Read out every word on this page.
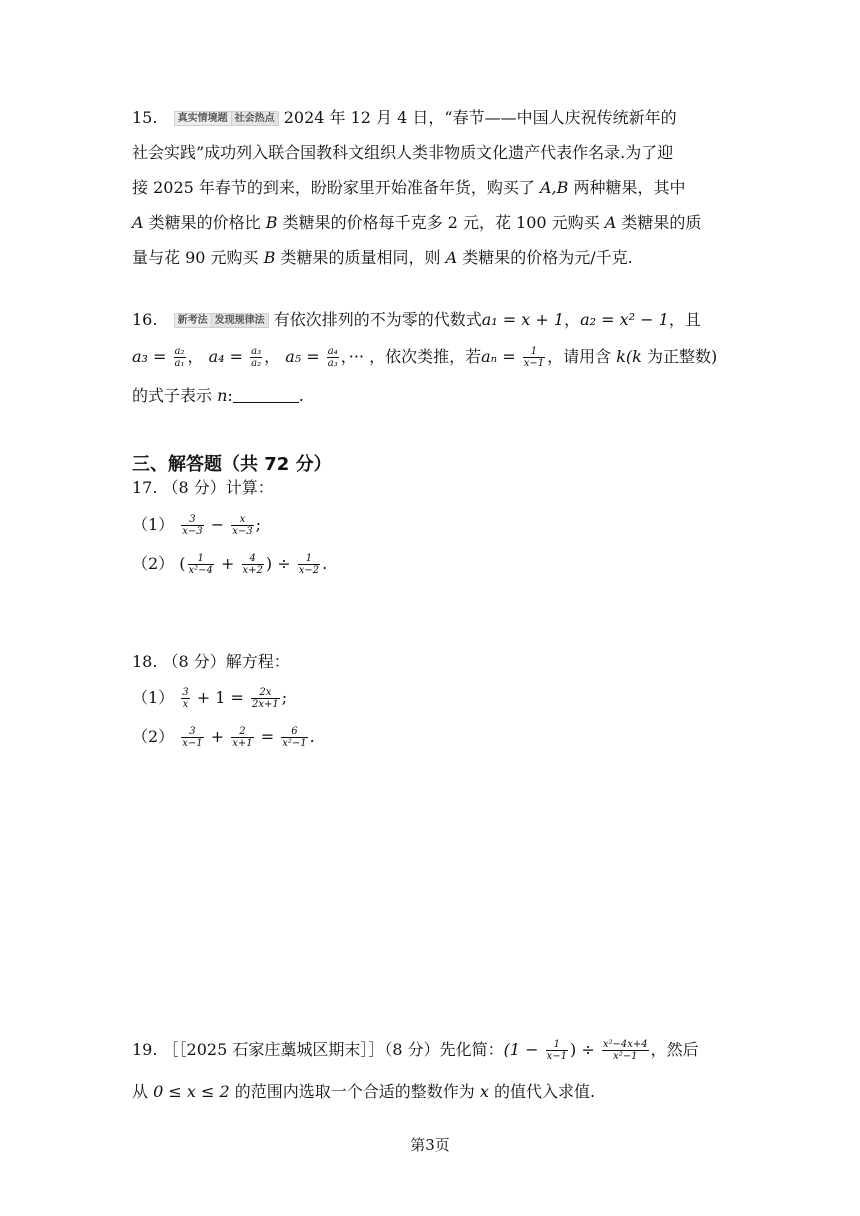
15. 真实情境题 社会热点 2024 年 12 月 4 日，“春节——中国人庆祝传统新年的
社会实践”成功列入联合国教科文组织人类非物质文化遗产代表作名录.为了迎
接 2025 年春节的到来，盼盼家里开始准备年货，购买了 A,B 两种糖果，其中
A 类糖果的价格比 B 类糖果的价格每千克多 2 元，花 100 元购买 A 类糖果的质
量与花 90 元购买 B 类糖果的质量相同，则 A 类糖果的价格为元/千克.
16. 新考法 发现规律法 有依次排列的不为零的代数式a₁ = x + 1，a₂ = x² − 1，且
$a_3 = \frac{\text{a₂}}{\text{a₁}}$ ， $a_4 = \frac{\text{a₃}}{\text{a₂}}$ ， $a_5 = \frac{\text{a₄}}{\text{a₃}}$ ，··· ，依次类推，若$a_n = \frac{1}{x-1}$ ，请用含 k(k 为正整数)
的式子表示 n:	.
三、解答题（共 72 分）
17. （8 分）计算：
$(1) \frac{3}{x-3} - \frac{x}{x-3}$ ;
（2） ( $\frac{1}{\text{x²−4}} + \frac{4}{x+2}$ ) ÷ $\frac{1}{x-2}$ .
18. （8 分）解方程：
$(1) \frac{3}{x} + 1 = \frac{2x}{2x+1}$ ;
$(2) \frac{3}{x-1} + \frac{2}{x+1} = \frac{6}{\text{x²−1}}$ .
19. ［［2025 石家庄藁城区期末］］（8 分）先化简：($1 - \frac{1}{x-1}$ ) ÷ $\frac{\text{x²−4x+4}}{\text{x²−1}}$ ，然后
从 0 ≤ x ≤ 2 的范围内选取一个合适的整数作为 x 的值代入求值.
第3页
